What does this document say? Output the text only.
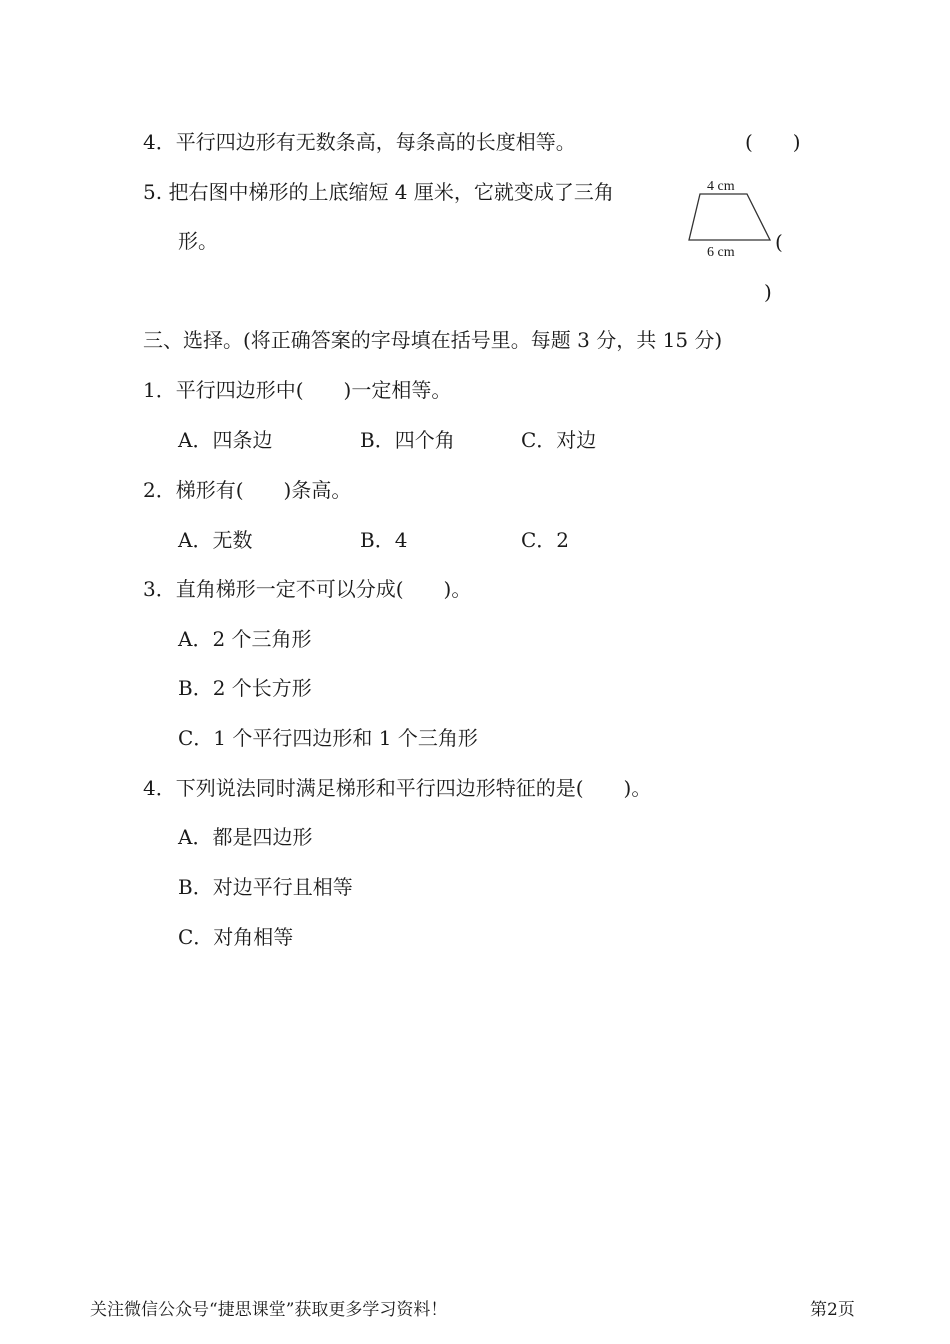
4．平行四边形有无数条高，每条高的长度相等。	(　　)
5. 把右图中梯形的上底缩短 4 厘米，它就变成了三角
形。
4 cm
6 cm (
)
三、选择。(将正确答案的字母填在括号里。每题 3 分，共 15 分)
1．平行四边形中(　　)一定相等。
A．四条边	B．四个角	C．对边
2．梯形有(　　)条高。
A．无数	B．4	C．2
3．直角梯形一定不可以分成(　　)。
A．2 个三角形
B．2 个长方形
C．1 个平行四边形和 1 个三角形
4．下列说法同时满足梯形和平行四边形特征的是(　　)。
A．都是四边形
B．对边平行且相等
C．对角相等
关注微信公众号“捷思课堂”获取更多学习资料！	第2页
